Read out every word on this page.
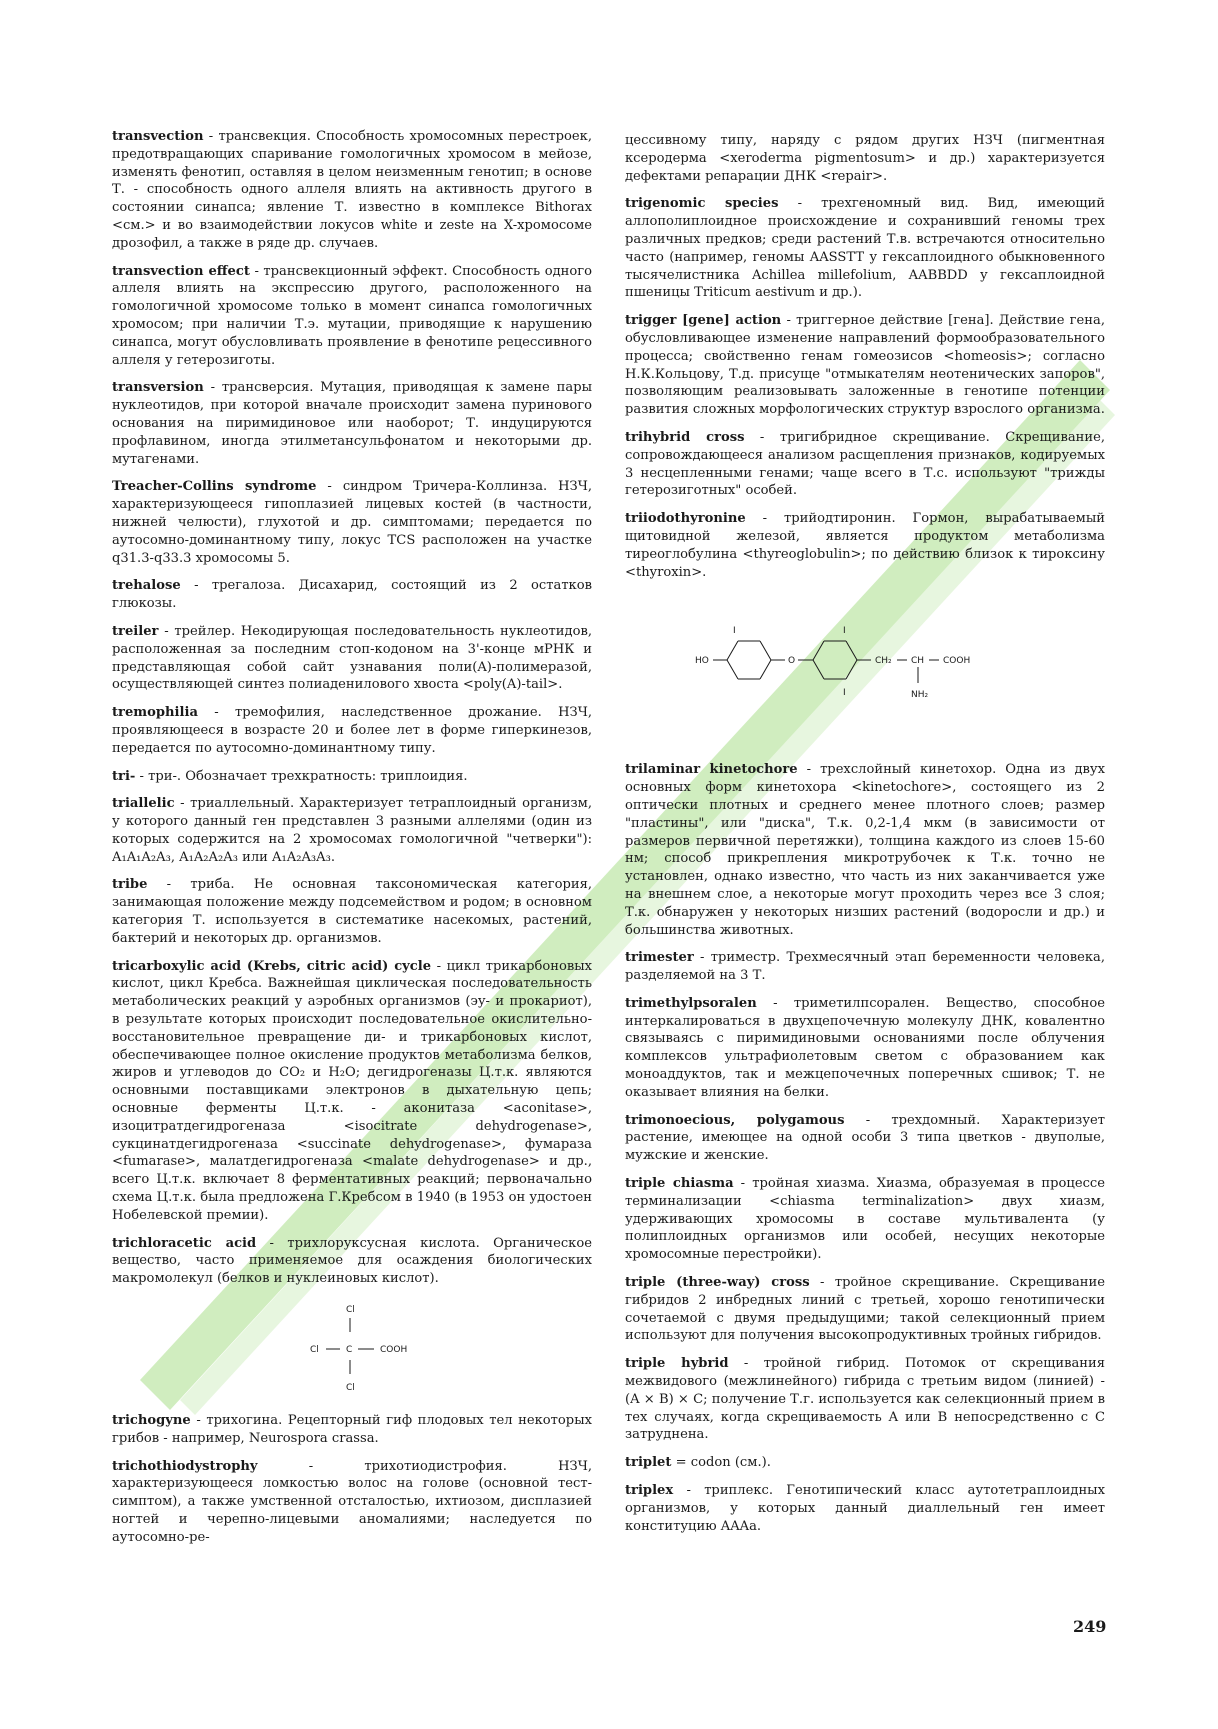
transvection - трансвекция. Способность хромосомных перестроек, предотвращающих спаривание гомологичных хромосом в мейозе, изменять фенотип, оставляя в целом неизменным генотип; в основе Т. - способность одного аллеля влиять на активность другого в состоянии синапса; явление Т. известно в комплексе Bithorax <см.> и во взаимодействии локусов white и zeste на X-хромосоме дрозофил, а также в ряде др. случаев.

transvection effect - трансвекционный эффект. Способность одного аллеля влиять на экспрессию другого, расположенного на гомологичной хромосоме только в момент синапса гомологичных хромосом; при наличии Т.э. мутации, приводящие к нарушению синапса, могут обусловливать проявление в фенотипе рецессивного аллеля у гетерозиготы.

transversion - трансверсия. Мутация, приводящая к замене пары нуклеотидов, при которой вначале происходит замена пуринового основания на пиримидиновое или наоборот; Т. индуцируются профлавином, иногда этилметансульфонатом и некоторыми др. мутагенами.

Treacher-Collins syndrome - синдром Тричера-Коллинза. НЗЧ, характеризующееся гипоплазией лицевых костей (в частности, нижней челюсти), глухотой и др. симптомами; передается по аутосомно-доминантному типу, локус TCS расположен на участке q31.3-q33.3 хромосомы 5.

trehalose - трегалоза. Дисахарид, состоящий из 2 остатков глюкозы.

treiler - трейлер. Некодирующая последовательность нуклеотидов, расположенная за последним стоп-кодоном на 3'-конце мРНК и представляющая собой сайт узнавания поли(A)-полимеразой, осуществляющей синтез полиаденилового хвоста <poly(A)-tail>.

tremophilia - тремофилия, наследственное дрожание. НЗЧ, проявляющееся в возрасте 20 и более лет в форме гиперкинезов, передается по аутосомно-доминантному типу.

tri- - три-. Обозначает трехкратность: триплоидия.

triallelic - триаллельный. Характеризует тетраплоидный организм, у которого данный ген представлен 3 разными аллелями (один из которых содержится на 2 хромосомах гомологичной "четверки"): A₁A₁A₂A₃, A₁A₂A₂A₃ или A₁A₂A₃A₃.

tribe - триба. Не основная таксономическая категория, занимающая положение между подсемейством и родом; в основном категория Т. используется в систематике насекомых, растений, бактерий и некоторых др. организмов.

tricarboxylic acid (Krebs, citric acid) cycle - цикл трикарбоновых кислот, цикл Кребса. Важнейшая циклическая последовательность метаболических реакций у аэробных организмов (эу- и прокариот), в результате которых происходит последовательное окислительно-восстановительное превращение ди- и трикарбоновых кислот, обеспечивающее полное окисление продуктов метаболизма белков, жиров и углеводов до CO₂ и H₂O; дегидрогеназы Ц.т.к. являются основными поставщиками электронов в дыхательную цепь; основные ферменты Ц.т.к. - аконитаза <aconitase>, изоцитратдегидрогеназа <isocitrate dehydrogenase>, сукцинатдегидрогеназа <succinate dehydrogenase>, фумараза <fumarase>, малатдегидрогеназа <malate dehydrogenase> и др., всего Ц.т.к. включает 8 ферментативных реакций; первоначально схема Ц.т.к. была предложена Г.Кребсом в 1940 (в 1953 он удостоен Нобелевской премии).

trichloracetic acid - трихлоруксусная кислота. Органическое вещество, часто применяемое для осаждения биологических макромолекул (белков и нуклеиновых кислот).

Cl
Cl	C	COOH
Cl

trichogyne - трихогина. Рецепторный гиф плодовых тел некоторых грибов - например, Neurospora crassa.

trichothiodystrophy - трихотиодистрофия. НЗЧ, характеризующееся ломкостью волос на голове (основной тест-симптом), а также умственной отсталостью, ихтиозом, дисплазией ногтей и черепно-лицевыми аномалиями; наследуется по аутосомно-ре-

цессивному типу, наряду с рядом других НЗЧ (пигментная ксеродерма <xeroderma pigmentosum> и др.) характеризуется дефектами репарации ДНК <repair>.

trigenomic species - трехгеномный вид. Вид, имеющий аллополиплоидное происхождение и сохранивший геномы трех различных предков; среди растений Т.в. встречаются относительно часто (например, геномы AASSTT у гексаплоидного обыкновенного тысячелистника Achillea millefolium, AABBDD у гексаплоидной пшеницы Triticum aestivum и др.).

trigger [gene] action - триггерное действие [гена]. Действие гена, обусловливающее изменение направлений формообразовательного процесса; свойственно генам гомеозисов <homeosis>; согласно Н.К.Кольцову, Т.д. присуще "отмыкателям неотенических запоров", позволяющим реализовывать заложенные в генотипе потенции развития сложных морфологических структур взрослого организма.

trihybrid cross - тригибридное скрещивание. Скрещивание, сопровождающееся анализом расщепления признаков, кодируемых 3 несцепленными генами; чаще всего в Т.с. используют "трижды гетерозиготных" особей.

triiodothyronine - трийодтиронин. Гормон, вырабатываемый щитовидной железой, является продуктом метаболизма тиреоглобулина <thyreoglobulin>; по действию близок к тироксину <thyroxin>.

HO
I
O
I
I
CH₂ CH COOH
NH₂

trilaminar kinetochore - трехслойный кинетохор. Одна из двух основных форм кинетохора <kinetochore>, состоящего из 2 оптически плотных и среднего менее плотного слоев; размер "пластины", или "диска", Т.к. 0,2-1,4 мкм (в зависимости от размеров первичной перетяжки), толщина каждого из слоев 15-60 нм; способ прикрепления микротрубочек к Т.к. точно не установлен, однако известно, что часть из них заканчивается уже на внешнем слое, а некоторые могут проходить через все 3 слоя; Т.к. обнаружен у некоторых низших растений (водоросли и др.) и большинства животных.

trimester - триместр. Трехмесячный этап беременности человека, разделяемой на 3 Т.

trimethylpsoralen - триметилпсорален. Вещество, способное интеркалироваться в двухцепочечную молекулу ДНК, ковалентно связываясь с пиримидиновыми основаниями после облучения комплексов ультрафиолетовым светом с образованием как моноаддуктов, так и межцепочечных поперечных сшивок; Т. не оказывает влияния на белки.

trimonoecious, polygamous - трехдомный. Характеризует растение, имеющее на одной особи 3 типа цветков - двуполые, мужские и женские.

triple chiasma - тройная хиазма. Хиазма, образуемая в процессе терминализации <chiasma terminalization> двух хиазм, удерживающих хромосомы в составе мультивалента (у полиплоидных организмов или особей, несущих некоторые хромосомные перестройки).

triple (three-way) cross - тройное скрещивание. Скрещивание гибридов 2 инбредных линий с третьей, хорошо генотипически сочетаемой с двумя предыдущими; такой селекционный прием используют для получения высокопродуктивных тройных гибридов.

triple hybrid - тройной гибрид. Потомок от скрещивания межвидового (межлинейного) гибрида с третьим видом (линией) - (A × B) × C; получение Т.г. используется как селекционный прием в тех случаях, когда скрещиваемость A или B непосредственно с C затруднена.

triplet = codon (см.).

triplex - триплекс. Генотипический класс аутотетраплоидных организмов, у которых данный диаллельный ген имеет конституцию AAAa.

249
